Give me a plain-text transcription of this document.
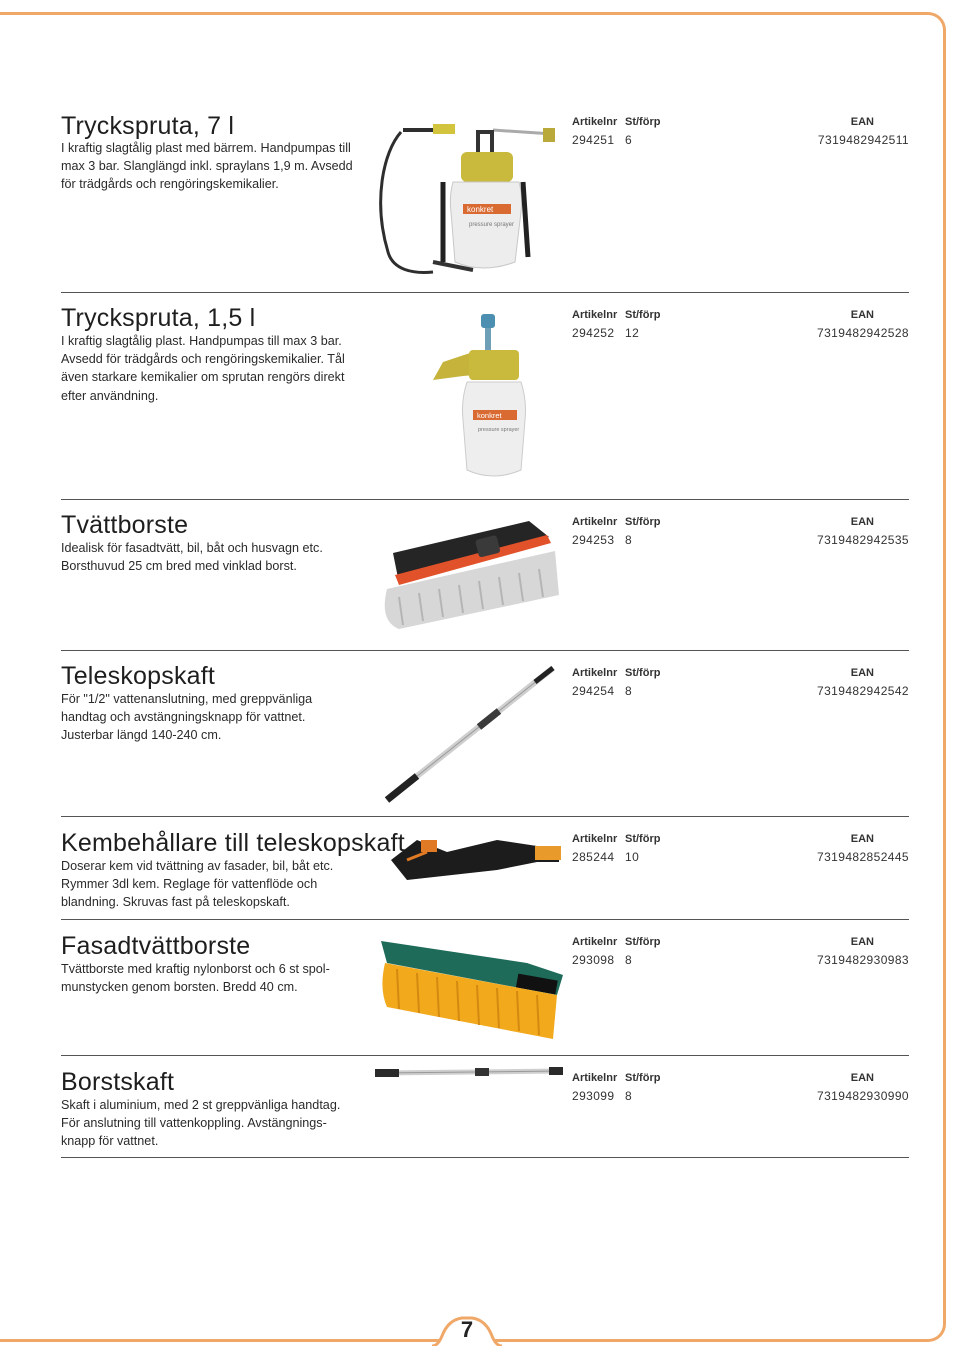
Tryckspruta, 7 l
I kraftig slagtålig plast med bärrem. Handpumpas till max 3 bar. Slanglängd inkl. spraylans 1,9 m. Avsedd för trädgårds och rengöringskemikalier.
konkret
pressure sprayer
Artikelnr St/förp	EAN
294251 6	7319482942511
Tryckspruta, 1,5 l
I kraftig slagtålig plast. Handpumpas till max 3 bar. Avsedd för trädgårds och rengöringskemikalier. Tål även starkare kemikalier om sprutan rengörs direkt efter användning.
konkret
pressure sprayer
Artikelnr St/förp	EAN
294252 12	7319482942528
Tvättborste
Idealisk för fasadtvätt, bil, båt och husvagn etc. Borsthuvud 25 cm bred med vinklad borst.
Artikelnr St/förp	EAN
294253 8	7319482942535
Teleskopskaft
För "1/2" vattenanslutning, med greppvänliga handtag och avstängningsknapp för vattnet. Justerbar längd 140-240 cm.
Artikelnr St/förp	EAN
294254 8	7319482942542
Kembehållare till teleskopskaft
Doserar kem vid tvättning av fasader, bil, båt etc. Rymmer 3dl kem. Reglage för vattenflöde och blandning. Skruvas fast på teleskopskaft.
Artikelnr St/förp	EAN
285244 10	7319482852445
Fasadtvättborste
Tvättborste med kraftig nylonborst och 6 st spol-munstycken genom borsten. Bredd 40 cm.
Artikelnr St/förp	EAN
293098 8	7319482930983
Borstskaft
Skaft i aluminium, med 2 st greppvänliga handtag. För anslutning till vattenkoppling. Avstängnings-knapp för vattnet.
Artikelnr St/förp	EAN
293099 8	7319482930990
7
